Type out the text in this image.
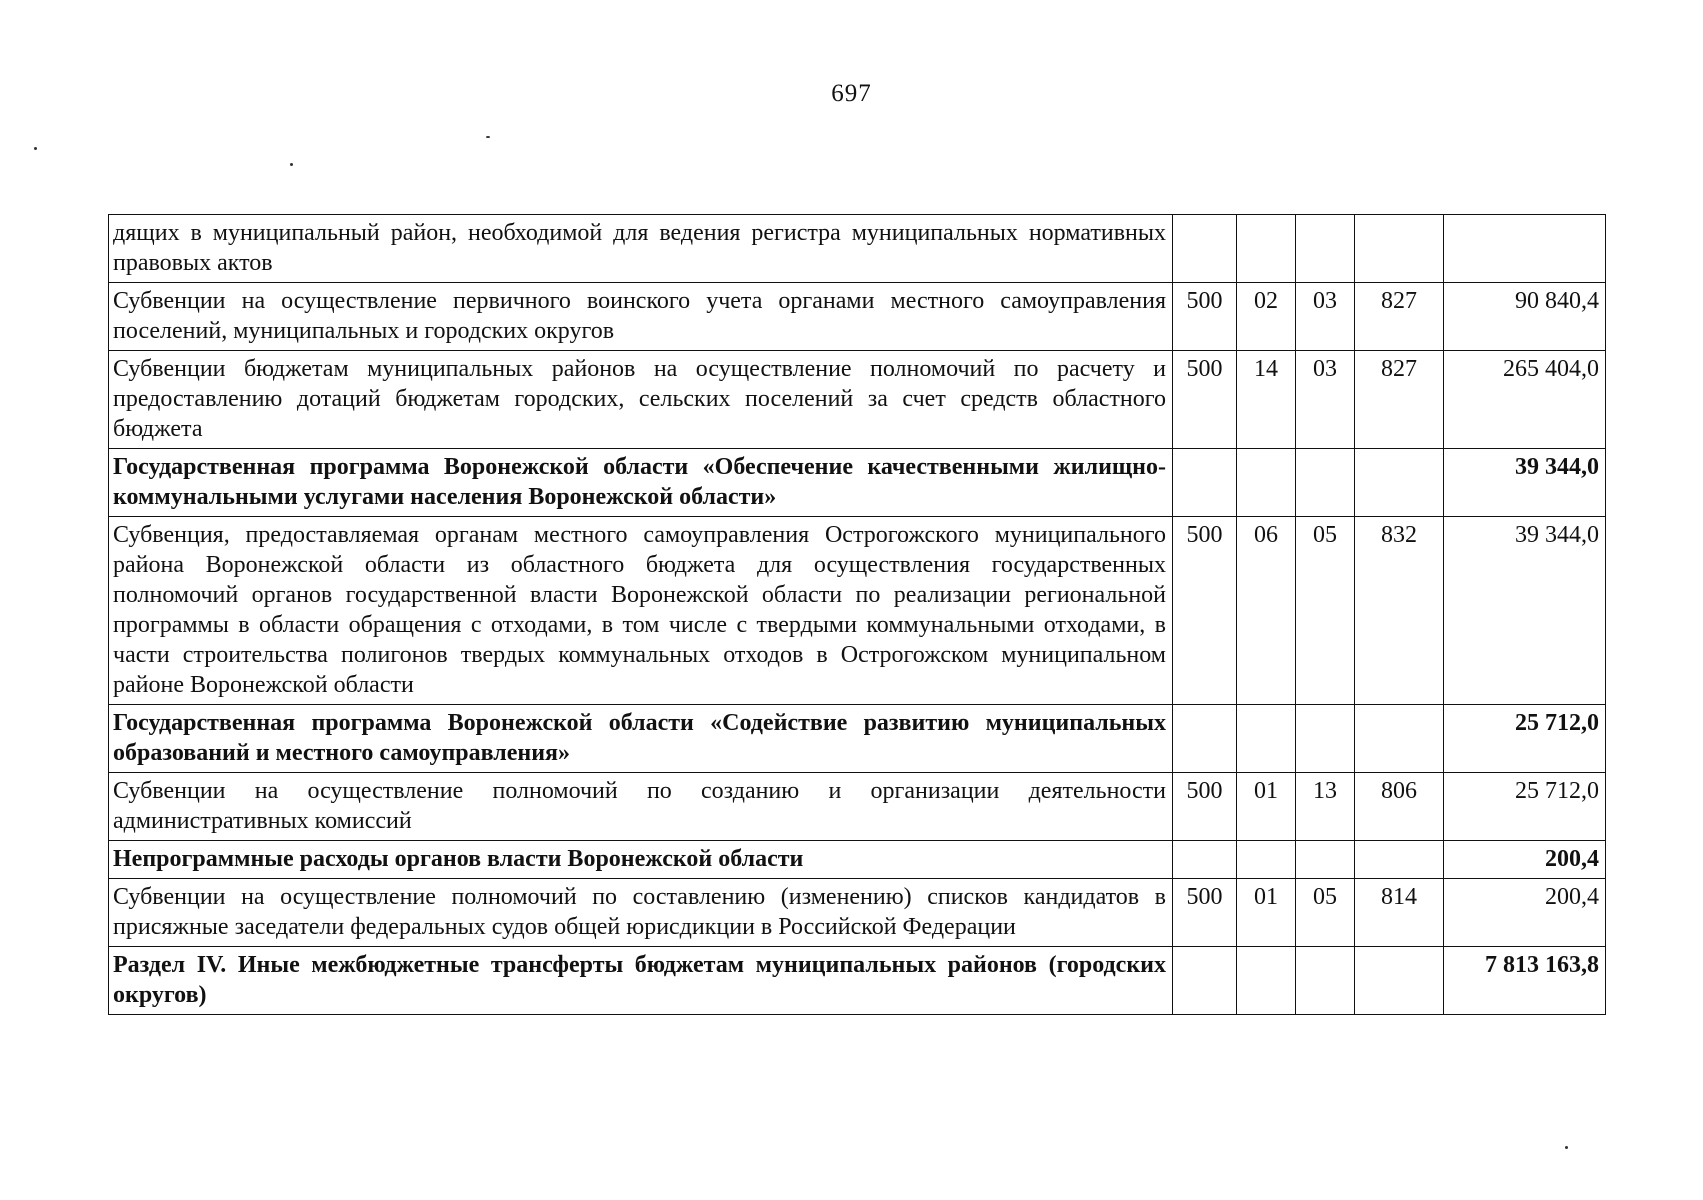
697
дящих в муниципальный район, необходимой для ведения регистра муниципальных нормативных правовых актов					
Субвенции на осуществление первичного воинского учета органами местного самоуправления поселений, муниципальных и городских округов	500	02	03	827	90 840,4
Субвенции бюджетам муниципальных районов на осуществление полномочий по расчету и предоставлению дотаций бюджетам городских, сельских поселений за счет средств областного бюджета	500	14	03	827	265 404,0
Государственная программа Воронежской области «Обеспечение качественными жилищно-коммунальными услугами населения Воронежской области»					39 344,0
Субвенция, предоставляемая органам местного самоуправления Острогожского муниципального района Воронежской области из областного бюджета для осуществления государственных полномочий органов государственной власти Воронежской области по реализации региональной программы в области обращения с отходами, в том числе с твердыми коммунальными отходами, в части строительства полигонов твердых коммунальных отходов в Острогожском муниципальном районе Воронежской области	500	06	05	832	39 344,0
Государственная программа Воронежской области «Содействие развитию муниципальных образований и местного самоуправления»					25 712,0
Субвенции на осуществление полномочий по созданию и организации деятельности административных комиссий	500	01	13	806	25 712,0
Непрограммные расходы органов власти Воронежской области					200,4
Субвенции на осуществление полномочий по составлению (изменению) списков кандидатов в присяжные заседатели федеральных судов общей юрисдикции в Российской Федерации	500	01	05	814	200,4
Раздел IV. Иные межбюджетные трансферты бюджетам муниципальных районов (городских округов)					7 813 163,8
